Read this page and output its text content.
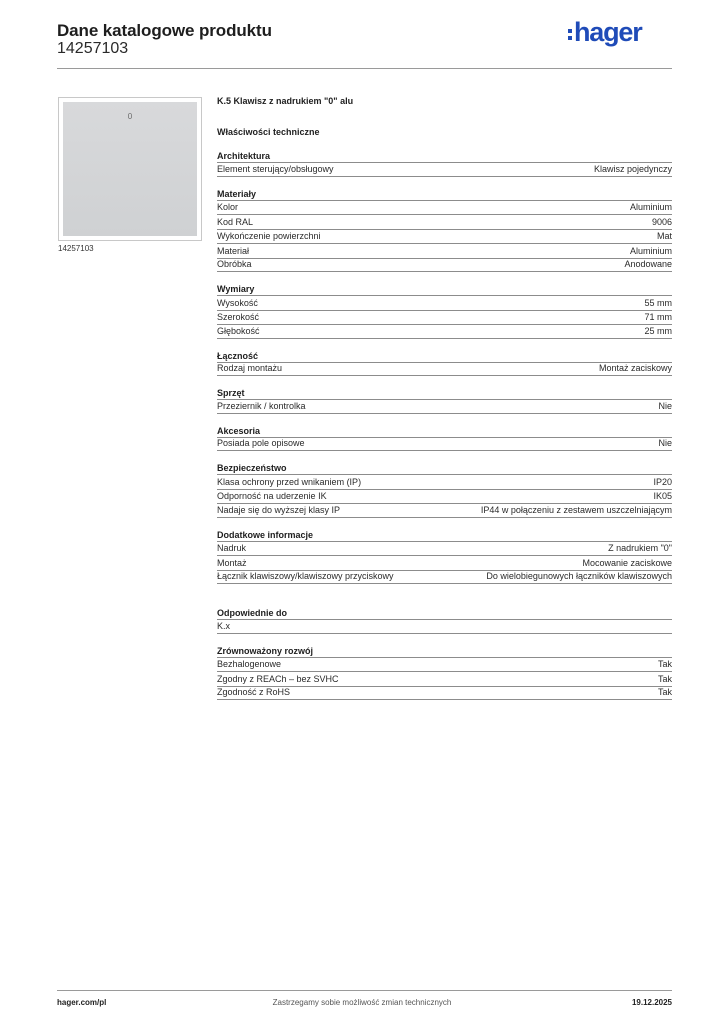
Dane katalogowe produktu
14257103
hager
0
14257103
K.5 Klawisz z nadrukiem "0" alu
Właściwości techniczne
Architektura
Element sterujący/obsługowy	Klawisz pojedynczy
Materiały
Kolor	Aluminium
Kod RAL	9006
Wykończenie powierzchni	Mat
Materiał	Aluminium
Obróbka	Anodowane
Wymiary
Wysokość	55 mm
Szerokość	71 mm
Głębokość	25 mm
Łączność
Rodzaj montażu	Montaż zaciskowy
Sprzęt
Przeziernik / kontrolka	Nie
Akcesoria
Posiada pole opisowe	Nie
Bezpieczeństwo
Klasa ochrony przed wnikaniem (IP)	IP20
Odporność na uderzenie IK	IK05
Nadaje się do wyższej klasy IP	IP44 w połączeniu z zestawem uszczelniającym
Dodatkowe informacje
Nadruk	Z nadrukiem "0"
Montaż	Mocowanie zaciskowe
Łącznik klawiszowy/klawiszowy przyciskowy	Do wielobiegunowych łączników klawiszowych
Odpowiednie do
K.x
Zrównoważony rozwój
Bezhalogenowe	Tak
Zgodny z REACh – bez SVHC	Tak
Zgodność z RoHS	Tak
hager.com/pl	Zastrzegamy sobie możliwość zmian technicznych	19.12.2025
